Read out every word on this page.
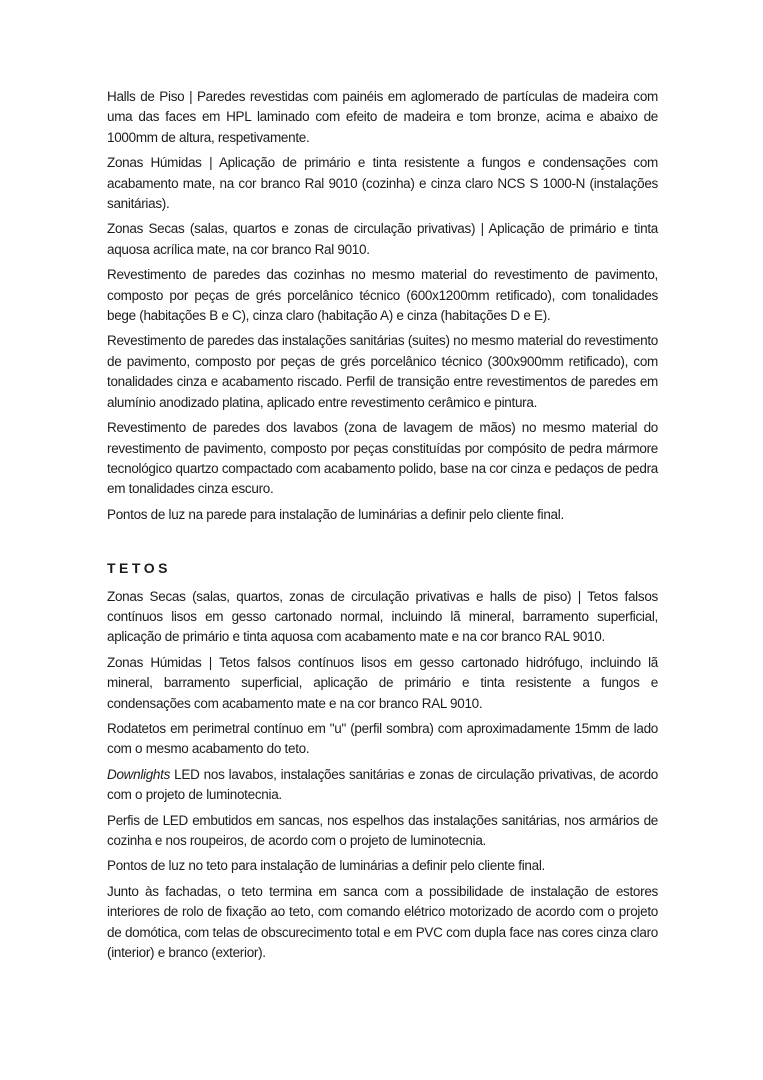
Halls de Piso | Paredes revestidas com painéis em aglomerado de partículas de madeira com uma das faces em HPL laminado com efeito de madeira e tom bronze, acima e abaixo de 1000mm de altura, respetivamente.

Zonas Húmidas | Aplicação de primário e tinta resistente a fungos e condensações com acabamento mate, na cor branco Ral 9010 (cozinha) e cinza claro NCS S 1000-N (instalações sanitárias).

Zonas Secas (salas, quartos e zonas de circulação privativas) | Aplicação de primário e tinta aquosa acrílica mate, na cor branco Ral 9010.

Revestimento de paredes das cozinhas no mesmo material do revestimento de pavimento, composto por peças de grés porcelânico técnico (600x1200mm retificado), com tonalidades bege (habitações B e C), cinza claro (habitação A) e cinza (habitações D e E).

Revestimento de paredes das instalações sanitárias (suites) no mesmo material do revestimento de pavimento, composto por peças de grés porcelânico técnico (300x900mm retificado), com tonalidades cinza e acabamento riscado. Perfil de transição entre revestimentos de paredes em alumínio anodizado platina, aplicado entre revestimento cerâmico e pintura.

Revestimento de paredes dos lavabos (zona de lavagem de mãos) no mesmo material do revestimento de pavimento, composto por peças constituídas por compósito de pedra mármore tecnológico quartzo compactado com acabamento polido, base na cor cinza e pedaços de pedra em tonalidades cinza escuro.

Pontos de luz na parede para instalação de luminárias a definir pelo cliente final.

TETOS

Zonas Secas (salas, quartos, zonas de circulação privativas e halls de piso) | Tetos falsos contínuos lisos em gesso cartonado normal, incluindo lã mineral, barramento superficial, aplicação de primário e tinta aquosa com acabamento mate e na cor branco RAL 9010.

Zonas Húmidas | Tetos falsos contínuos lisos em gesso cartonado hidrófugo, incluindo lã mineral, barramento superficial, aplicação de primário e tinta resistente a fungos e condensações com acabamento mate e na cor branco RAL 9010.

Rodatetos em perimetral contínuo em "u" (perfil sombra) com aproximadamente 15mm de lado com o mesmo acabamento do teto.

Downlights LED nos lavabos, instalações sanitárias e zonas de circulação privativas, de acordo com o projeto de luminotecnia.

Perfis de LED embutidos em sancas, nos espelhos das instalações sanitárias, nos armários de cozinha e nos roupeiros, de acordo com o projeto de luminotecnia.

Pontos de luz no teto para instalação de luminárias a definir pelo cliente final.

Junto às fachadas, o teto termina em sanca com a possibilidade de instalação de estores interiores de rolo de fixação ao teto, com comando elétrico motorizado de acordo com o projeto de domótica, com telas de obscurecimento total e em PVC com dupla face nas cores cinza claro (interior) e branco (exterior).
